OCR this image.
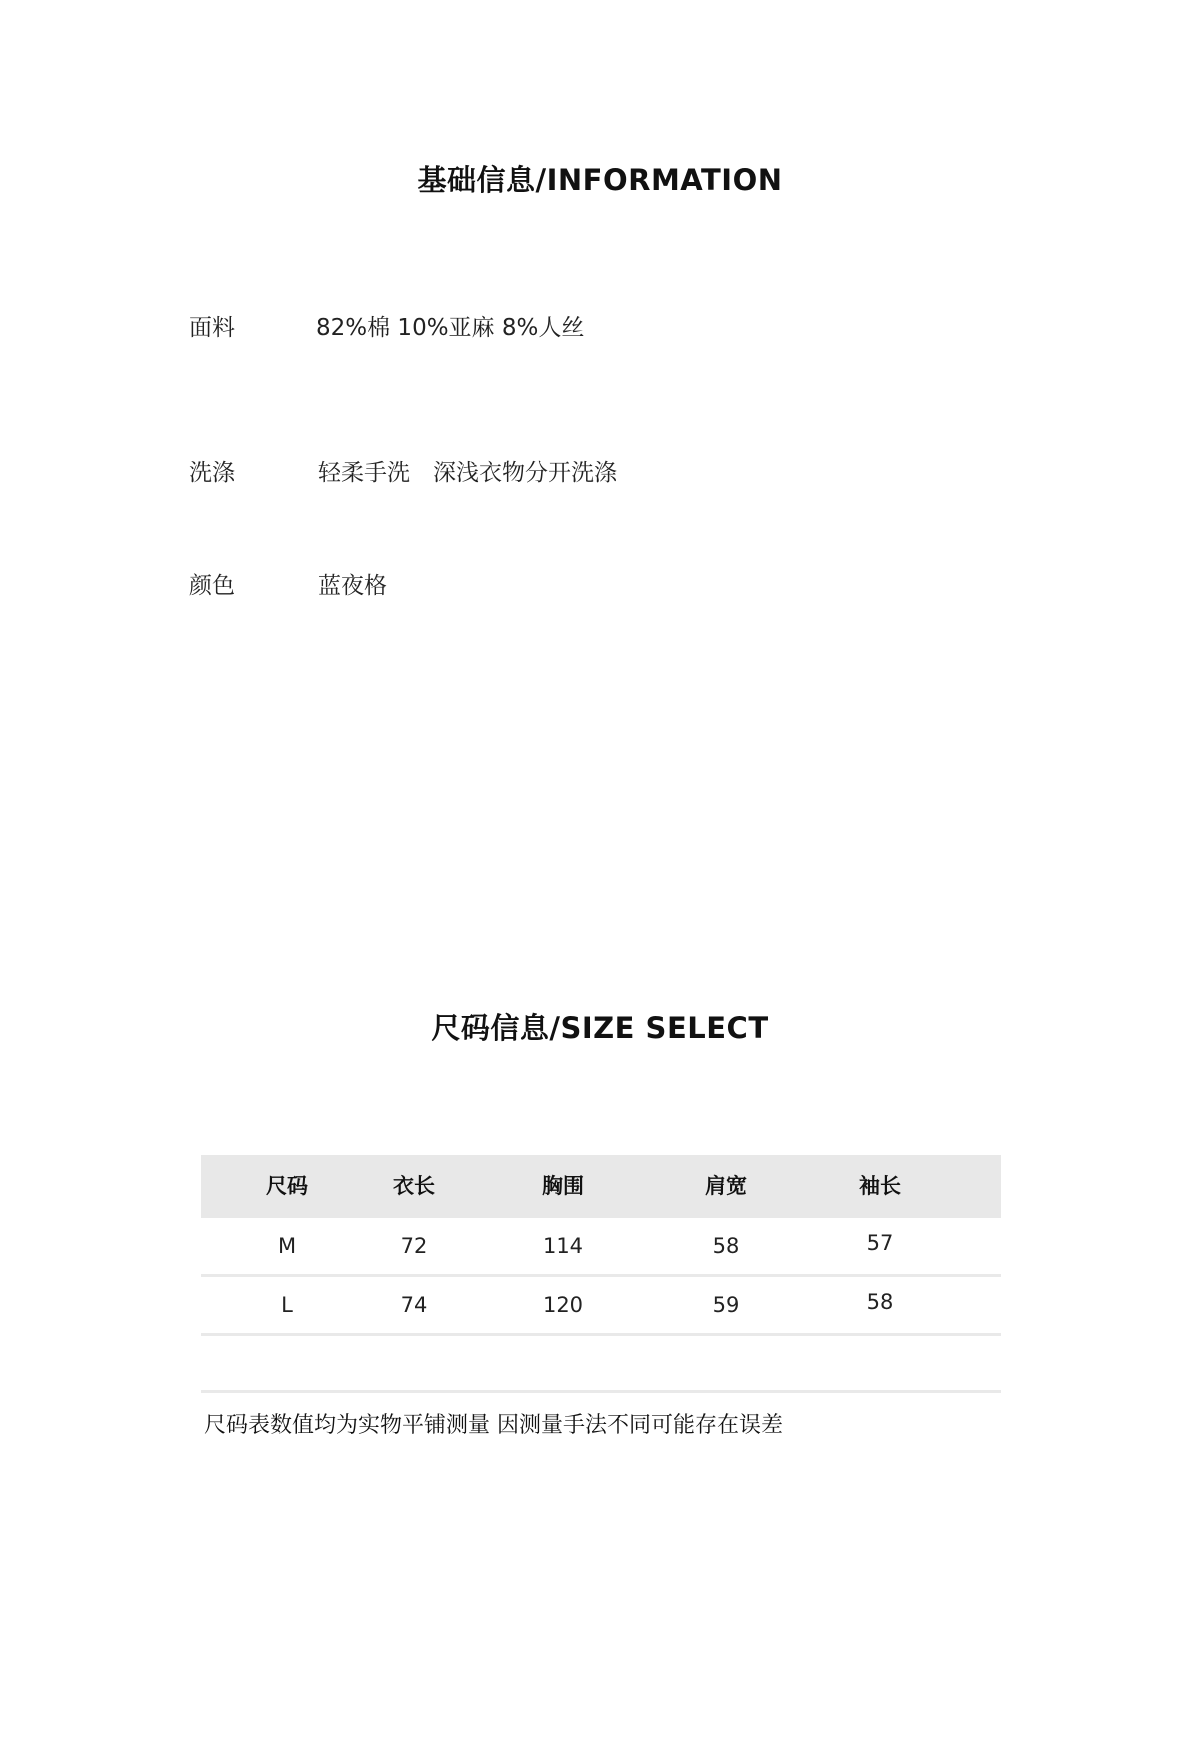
基础信息/INFORMATION
面料	82%棉 10%亚麻 8%人丝
洗涤	轻柔手洗　深浅衣物分开洗涤
颜色	蓝夜格
尺码信息/SIZE SELECT
尺码	衣长	胸围	肩宽	袖长
M	72	114	58	57
L	74	120	59	58
尺码表数值均为实物平铺测量 因测量手法不同可能存在误差
